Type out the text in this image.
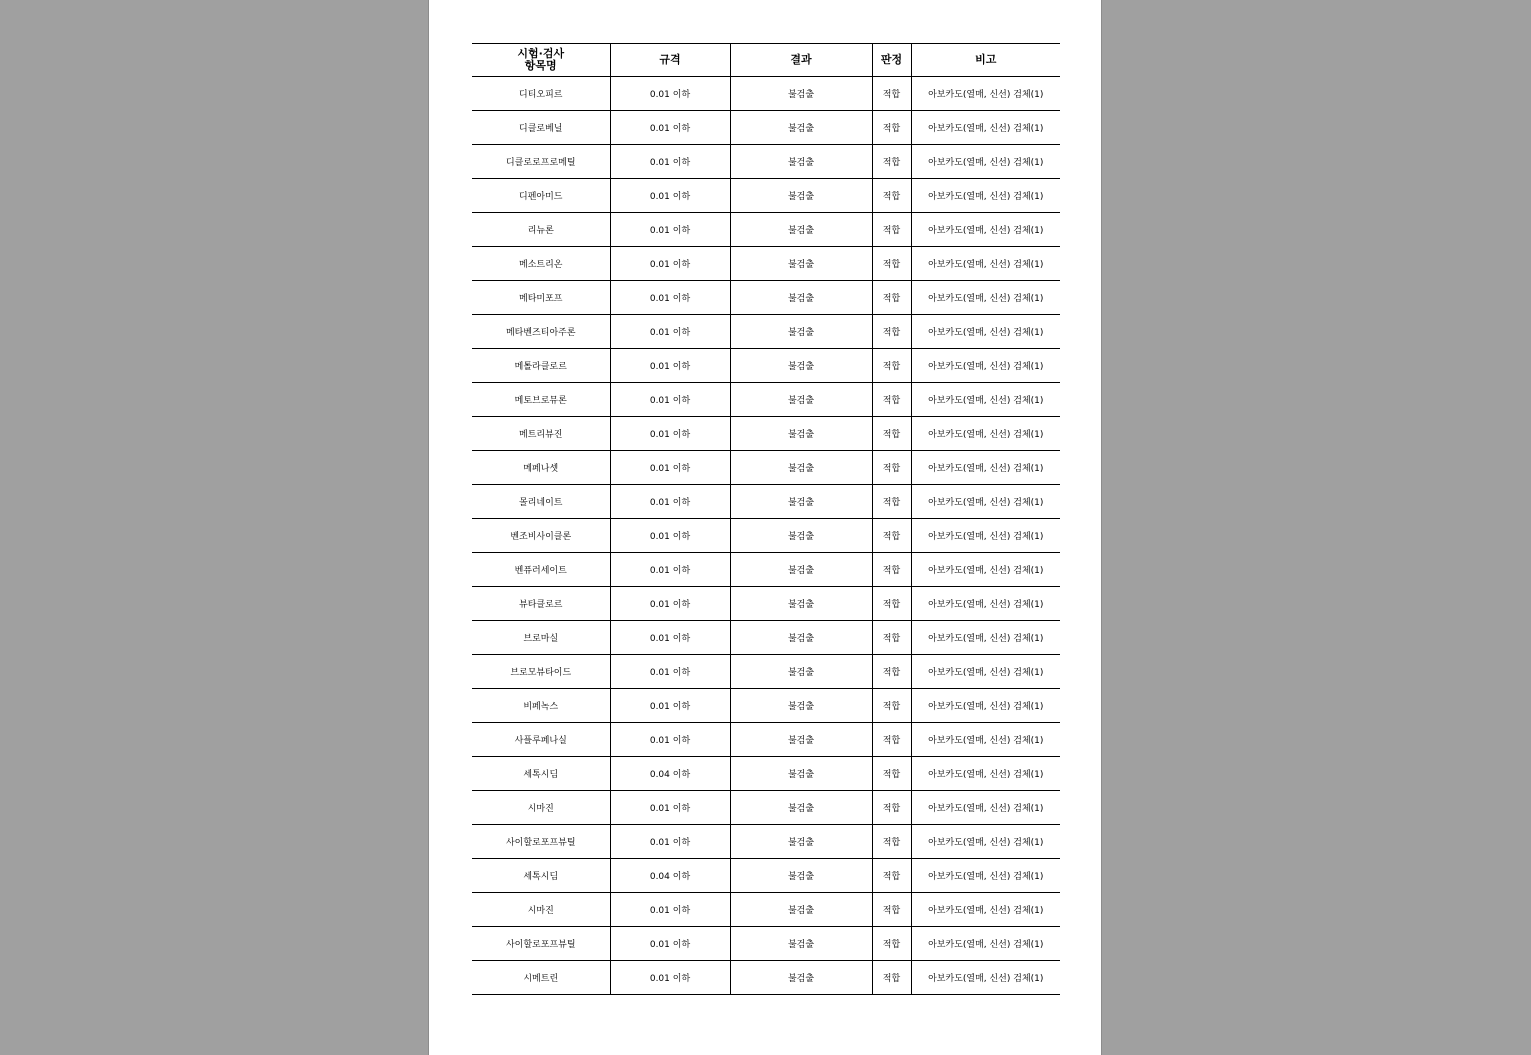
시험·검사
항목명	규격	결과	판정	비고
디티오피르	0.01 이하	불검출	적합	아보카도(열매, 신선) 검체(1)
디클로베닐	0.01 이하	불검출	적합	아보카도(열매, 신선) 검체(1)
디클로로프로메틸	0.01 이하	불검출	적합	아보카도(열매, 신선) 검체(1)
디펜아미드	0.01 이하	불검출	적합	아보카도(열매, 신선) 검체(1)
리뉴론	0.01 이하	불검출	적합	아보카도(열매, 신선) 검체(1)
메소트리온	0.01 이하	불검출	적합	아보카도(열매, 신선) 검체(1)
메타미포프	0.01 이하	불검출	적합	아보카도(열매, 신선) 검체(1)
메타벤즈티아주론	0.01 이하	불검출	적합	아보카도(열매, 신선) 검체(1)
메톨라클로르	0.01 이하	불검출	적합	아보카도(열매, 신선) 검체(1)
메토브로뮤론	0.01 이하	불검출	적합	아보카도(열매, 신선) 검체(1)
메트리뷰진	0.01 이하	불검출	적합	아보카도(열매, 신선) 검체(1)
메페나셋	0.01 이하	불검출	적합	아보카도(열매, 신선) 검체(1)
몰리네이트	0.01 이하	불검출	적합	아보카도(열매, 신선) 검체(1)
벤조비사이클론	0.01 이하	불검출	적합	아보카도(열매, 신선) 검체(1)
벤퓨러세이트	0.01 이하	불검출	적합	아보카도(열매, 신선) 검체(1)
뷰타클로르	0.01 이하	불검출	적합	아보카도(열매, 신선) 검체(1)
브로마실	0.01 이하	불검출	적합	아보카도(열매, 신선) 검체(1)
브로모뷰타이드	0.01 이하	불검출	적합	아보카도(열매, 신선) 검체(1)
비페녹스	0.01 이하	불검출	적합	아보카도(열매, 신선) 검체(1)
사플루페나실	0.01 이하	불검출	적합	아보카도(열매, 신선) 검체(1)
세톡시딤	0.04 이하	불검출	적합	아보카도(열매, 신선) 검체(1)
시마진	0.01 이하	불검출	적합	아보카도(열매, 신선) 검체(1)
사이할로포프뷰틸	0.01 이하	불검출	적합	아보카도(열매, 신선) 검체(1)
세톡시딤	0.04 이하	불검출	적합	아보카도(열매, 신선) 검체(1)
시마진	0.01 이하	불검출	적합	아보카도(열매, 신선) 검체(1)
사이할로포프뷰틸	0.01 이하	불검출	적합	아보카도(열매, 신선) 검체(1)
시메트린	0.01 이하	불검출	적합	아보카도(열매, 신선) 검체(1)
